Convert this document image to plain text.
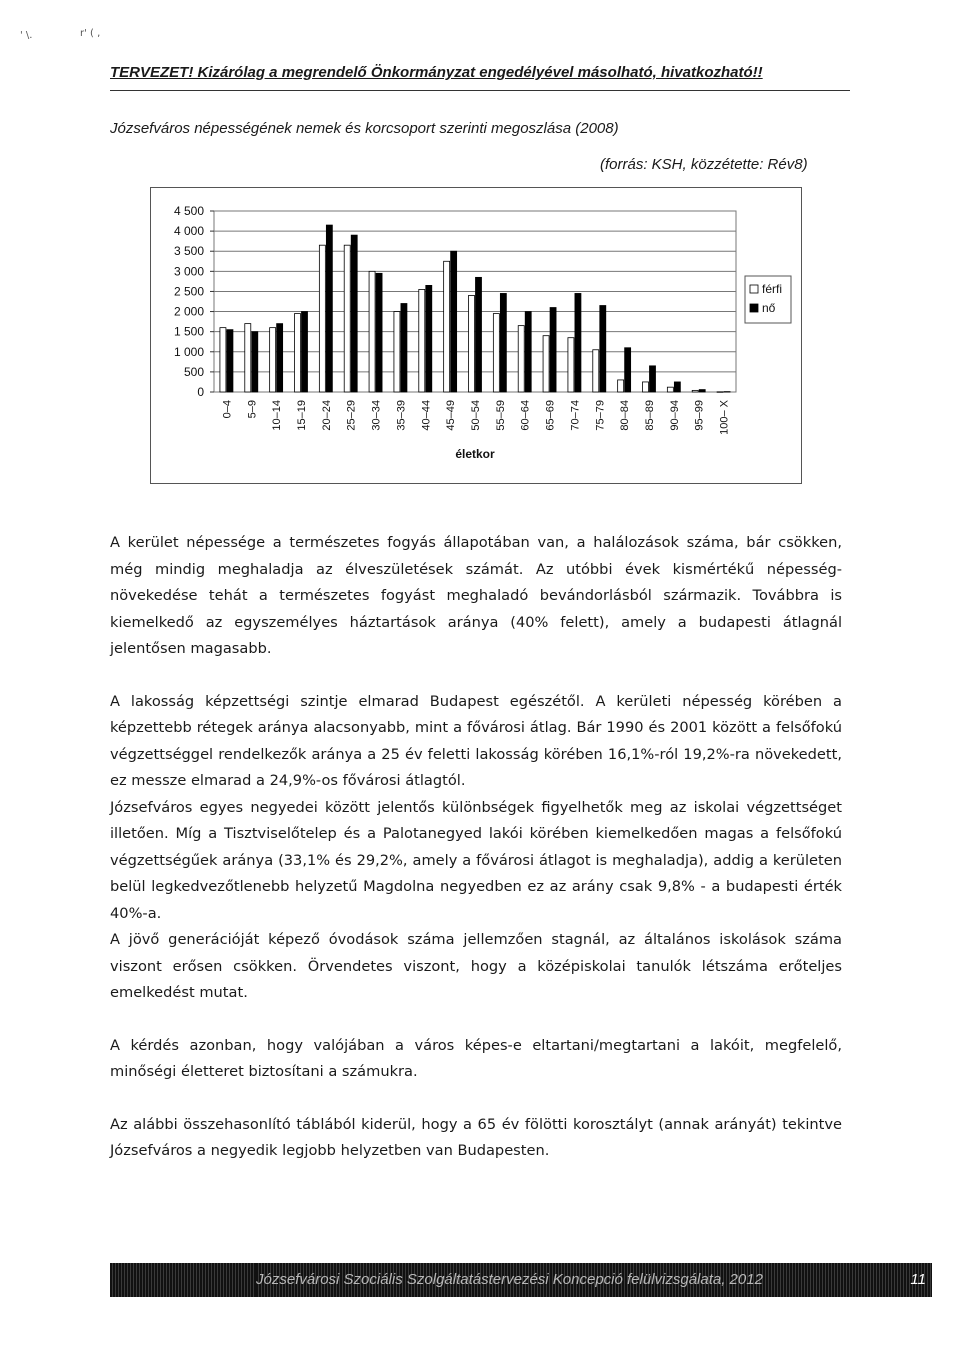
' \.	r' ( ,
TERVEZET! Kizárólag a megrendelő Önkormányzat engedélyével másolható, hivatkozható!!
Józsefváros népességének nemek és korcsoport szerinti megoszlása (2008)
(forrás: KSH, közzétette: Rév8)
0
500
1 000
1 500
2 000
2 500
3 000
3 500
4 000
4 500
0–4 5–9 10–14 15–19 20–24 25–29 30–34 35–39 40–44 45–49 50–54 55–59 60–64 65–69 70–74 75–79 80–84 85–89 90–94 95–99 100– X
életkor
férfi
nő

A kerület népessége a természetes fogyás állapotában van, a halálozások száma, bár csökken, még mindig meghaladja az élveszületések számát. Az utóbbi évek kismértékű népesség-növekedése tehát a természetes fogyást meghaladó bevándorlásból származik. Továbbra is kiemelkedő az egyszemélyes háztartások aránya (40% felett), amely a budapesti átlagnál jelentősen magasabb.

A lakosság képzettségi szintje elmarad Budapest egészétől. A kerületi népesség körében a képzettebb rétegek aránya alacsonyabb, mint a fővárosi átlag. Bár 1990 és 2001 között a felsőfokú végzettséggel rendelkezők aránya a 25 év feletti lakosság körében 16,1%-ról 19,2%-ra növekedett, ez messze elmarad a 24,9%-os fővárosi átlagtól.

Józsefváros egyes negyedei között jelentős különbségek figyelhetők meg az iskolai végzettséget illetően. Míg a Tisztviselőtelep és a Palotanegyed lakói körében kiemelkedően magas a felsőfokú végzettségűek aránya (33,1% és 29,2%, amely a fővárosi átlagot is meghaladja), addig a kerületen belül legkedvezőtlenebb helyzetű Magdolna negyedben ez az arány csak 9,8% - a budapesti érték 40%-a.

A jövő generációját képező óvodások száma jellemzően stagnál, az általános iskolások száma viszont erősen csökken. Örvendetes viszont, hogy a középiskolai tanulók létszáma erőteljes emelkedést mutat.

A kérdés azonban, hogy valójában a város képes-e eltartani/megtartani a lakóit, megfelelő, minőségi életteret biztosítani a számukra.

Az alábbi összehasonlító táblából kiderül, hogy a 65 év fölötti korosztályt (annak arányát) tekintve Józsefváros a negyedik legjobb helyzetben van Budapesten.

Józsefvárosi Szociális Szolgáltatástervezési Koncepció felülvizsgálata, 2012	11
